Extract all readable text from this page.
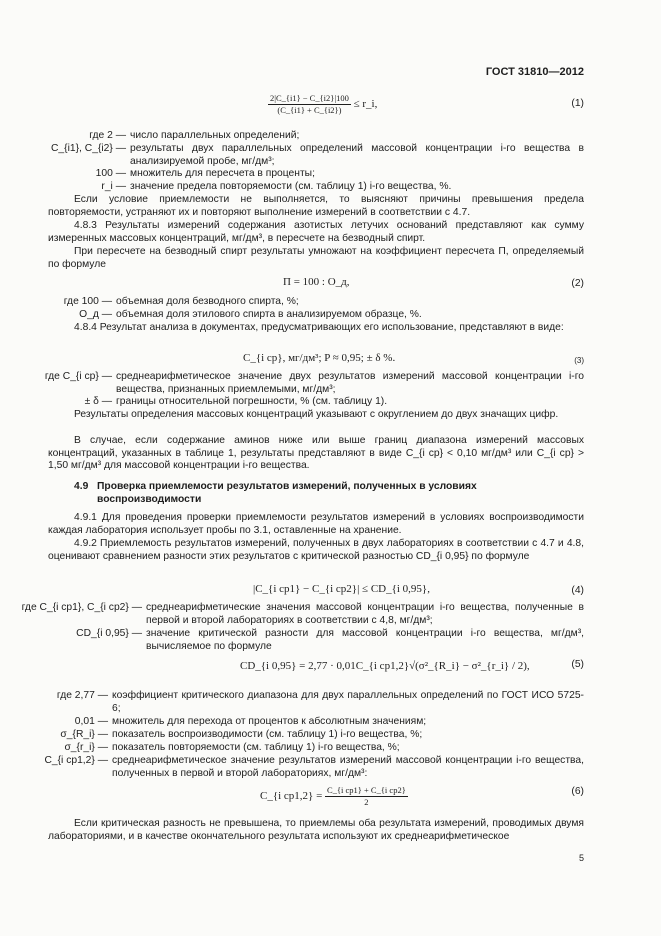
ГОСТ 31810—2012
$\frac{2|C\_\{i1\} - C\_\{i2\}|100}{(C\_\{i1\} + C\_\{i2\})}$ ≤ r_i,	(1)
где 2 — число параллельных определений;
C_{i1}, C_{i2} — результаты двух параллельных определений массовой концентрации i-го вещества в анализируемой пробе, мг/дм³;
100 — множитель для пересчета в проценты;
r_i — значение предела повторяемости (см. таблицу 1) i-го вещества, %.
Если условие приемлемости не выполняется, то выясняют причины превышения предела повторяемости, устраняют их и повторяют выполнение измерений в соответствии с 4.7.
4.8.3 Результаты измерений содержания азотистых летучих оснований представляют как сумму измеренных массовых концентраций, мг/дм³, в пересчете на безводный спирт.
При пересчете на безводный спирт результаты умножают на коэффициент пересчета П, определяемый по формуле
П = 100 : О_д,	(2)
где 100 — объемная доля безводного спирта, %;
О_д — объемная доля этилового спирта в анализируемом образце, %.
4.8.4 Результат анализа в документах, предусматривающих его использование, представляют в виде:
C_{i ср}, мг/дм³; P ≈ 0,95; ± δ %.	(3)
где C_{i ср} — среднеарифметическое значение двух результатов измерений массовой концентрации i-го вещества, признанных приемлемыми, мг/дм³;
± δ — границы относительной погрешности, % (см. таблицу 1).
Результаты определения массовых концентраций указывают с округлением до двух значащих цифр.
В случае, если содержание аминов ниже или выше границ диапазона измерений массовых концентраций, указанных в таблице 1, результаты представляют в виде C_{i ср} < 0,10 мг/дм³ или C_{i ср} > 1,50 мг/дм³ для массовой концентрации i-го вещества.
4.9 Проверка приемлемости результатов измерений, полученных в условиях воспроизводимости
4.9.1 Для проведения проверки приемлемости результатов измерений в условиях воспроизводимости каждая лаборатория использует пробы по 3.1, оставленные на хранение.
4.9.2 Приемлемость результатов измерений, полученных в двух лабораториях в соответствии с 4.7 и 4.8, оценивают сравнением разности этих результатов с критической разностью CD_{i 0,95} по формуле
|C_{i ср1} − C_{i ср2}| ≤ CD_{i 0,95},	(4)
где C_{i ср1}, C_{i ср2} — среднеарифметические значения массовой концентрации i-го вещества, полученные в первой и второй лабораториях в соответствии с 4,8, мг/дм³;
CD_{i 0,95} — значение критической разности для массовой концентрации i-го вещества, мг/дм³, вычисляемое по формуле
CD_{i 0,95} = 2,77 · 0,01C_{i ср1,2}√(σ²_{R_i} − σ²_{r_i} / 2),	(5)
где 2,77 — коэффициент критического диапазона для двух параллельных определений по ГОСТ ИСО 5725-6;
0,01 — множитель для перехода от процентов к абсолютным значениям;
σ_{R_i} — показатель воспроизводимости (см. таблицу 1) i-го вещества, %;
σ_{r_i} — показатель повторяемости (см. таблицу 1) i-го вещества, %;
C_{i ср1,2} — среднеарифметическое значение результатов измерений массовой концентрации i-го вещества, полученных в первой и второй лабораториях, мг/дм³:
C_{i $ср1,2\} = \frac{\text{C\_\{i ср1\} + C\_\{i ср2\}}}{2}$	(6)
Если критическая разность не превышена, то приемлемы оба результата измерений, проводимых двумя лабораториями, и в качестве окончательного результата используют их среднеарифметическое
5
